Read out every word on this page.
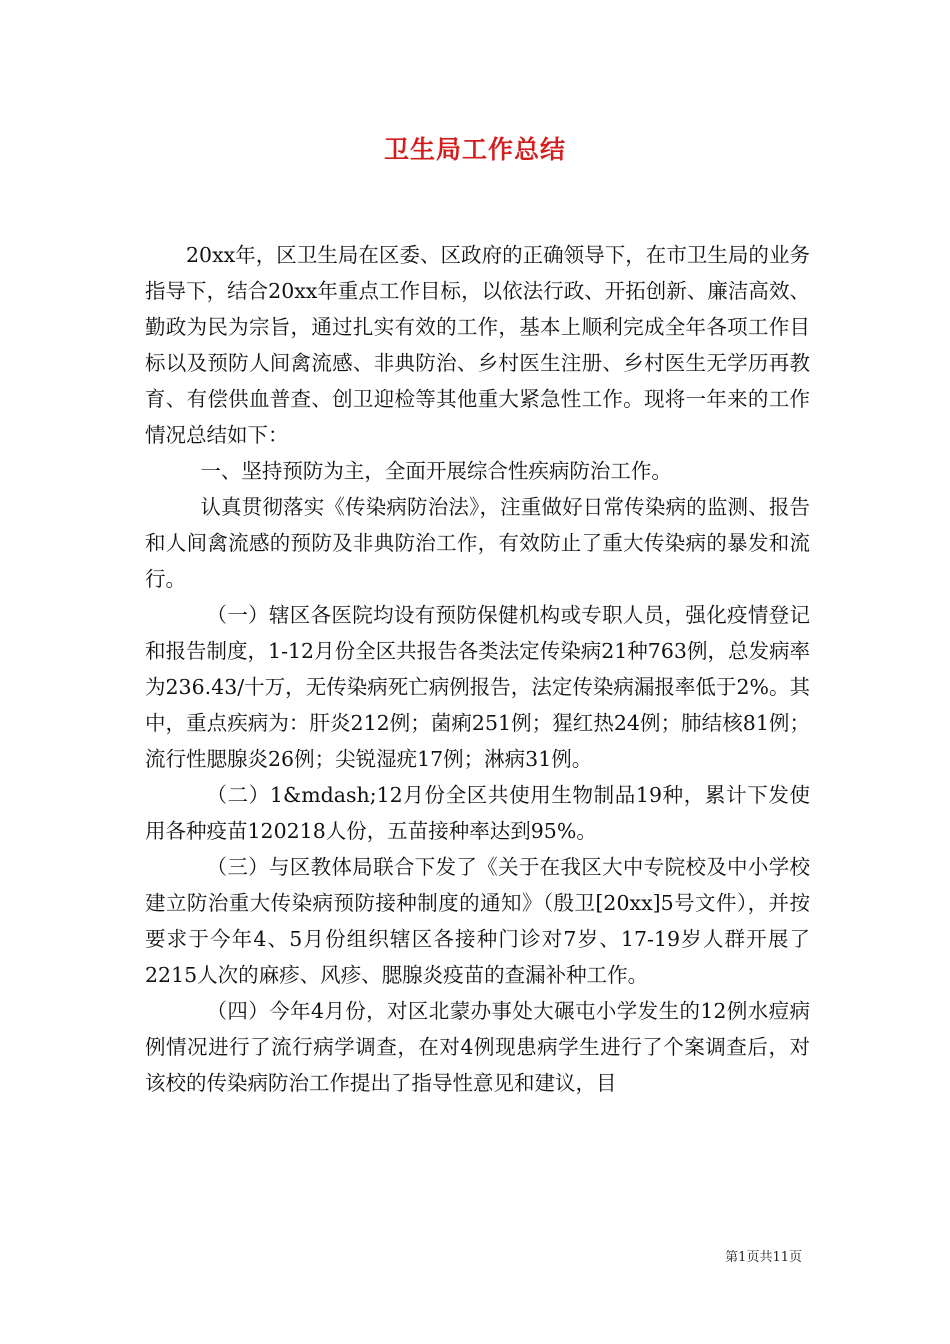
卫生局工作总结

20xx年，区卫生局在区委、区政府的正确领导下，在市卫生局的业务指导下，结合20xx年重点工作目标，以依法行政、开拓创新、廉洁高效、勤政为民为宗旨，通过扎实有效的工作，基本上顺利完成全年各项工作目标以及预防人间禽流感、非典防治、乡村医生注册、乡村医生无学历再教育、有偿供血普查、创卫迎检等其他重大紧急性工作。现将一年来的工作情况总结如下：

一、坚持预防为主，全面开展综合性疾病防治工作。

认真贯彻落实《传染病防治法》，注重做好日常传染病的监测、报告和人间禽流感的预防及非典防治工作，有效防止了重大传染病的暴发和流行。

（一）辖区各医院均设有预防保健机构或专职人员，强化疫情登记和报告制度，1-12月份全区共报告各类法定传染病21种763例，总发病率为236.43/十万，无传染病死亡病例报告，法定传染病漏报率低于2%。其中，重点疾病为：肝炎212例；菌痢251例；猩红热24例；肺结核81例；流行性腮腺炎26例；尖锐湿疣17例；淋病31例。

（二）1&mdash;12月份全区共使用生物制品19种，累计下发使用各种疫苗120218人份，五苗接种率达到95%。

（三）与区教体局联合下发了《关于在我区大中专院校及中小学校建立防治重大传染病预防接种制度的通知》（殷卫[20xx]5号文件），并按要求于今年4、5月份组织辖区各接种门诊对7岁、17-19岁人群开展了2215人次的麻疹、风疹、腮腺炎疫苗的查漏补种工作。

（四）今年4月份，对区北蒙办事处大碾屯小学发生的12例水痘病例情况进行了流行病学调查，在对4例现患病学生进行了个案调查后，对该校的传染病防治工作提出了指导性意见和建议，目

第1页共11页
